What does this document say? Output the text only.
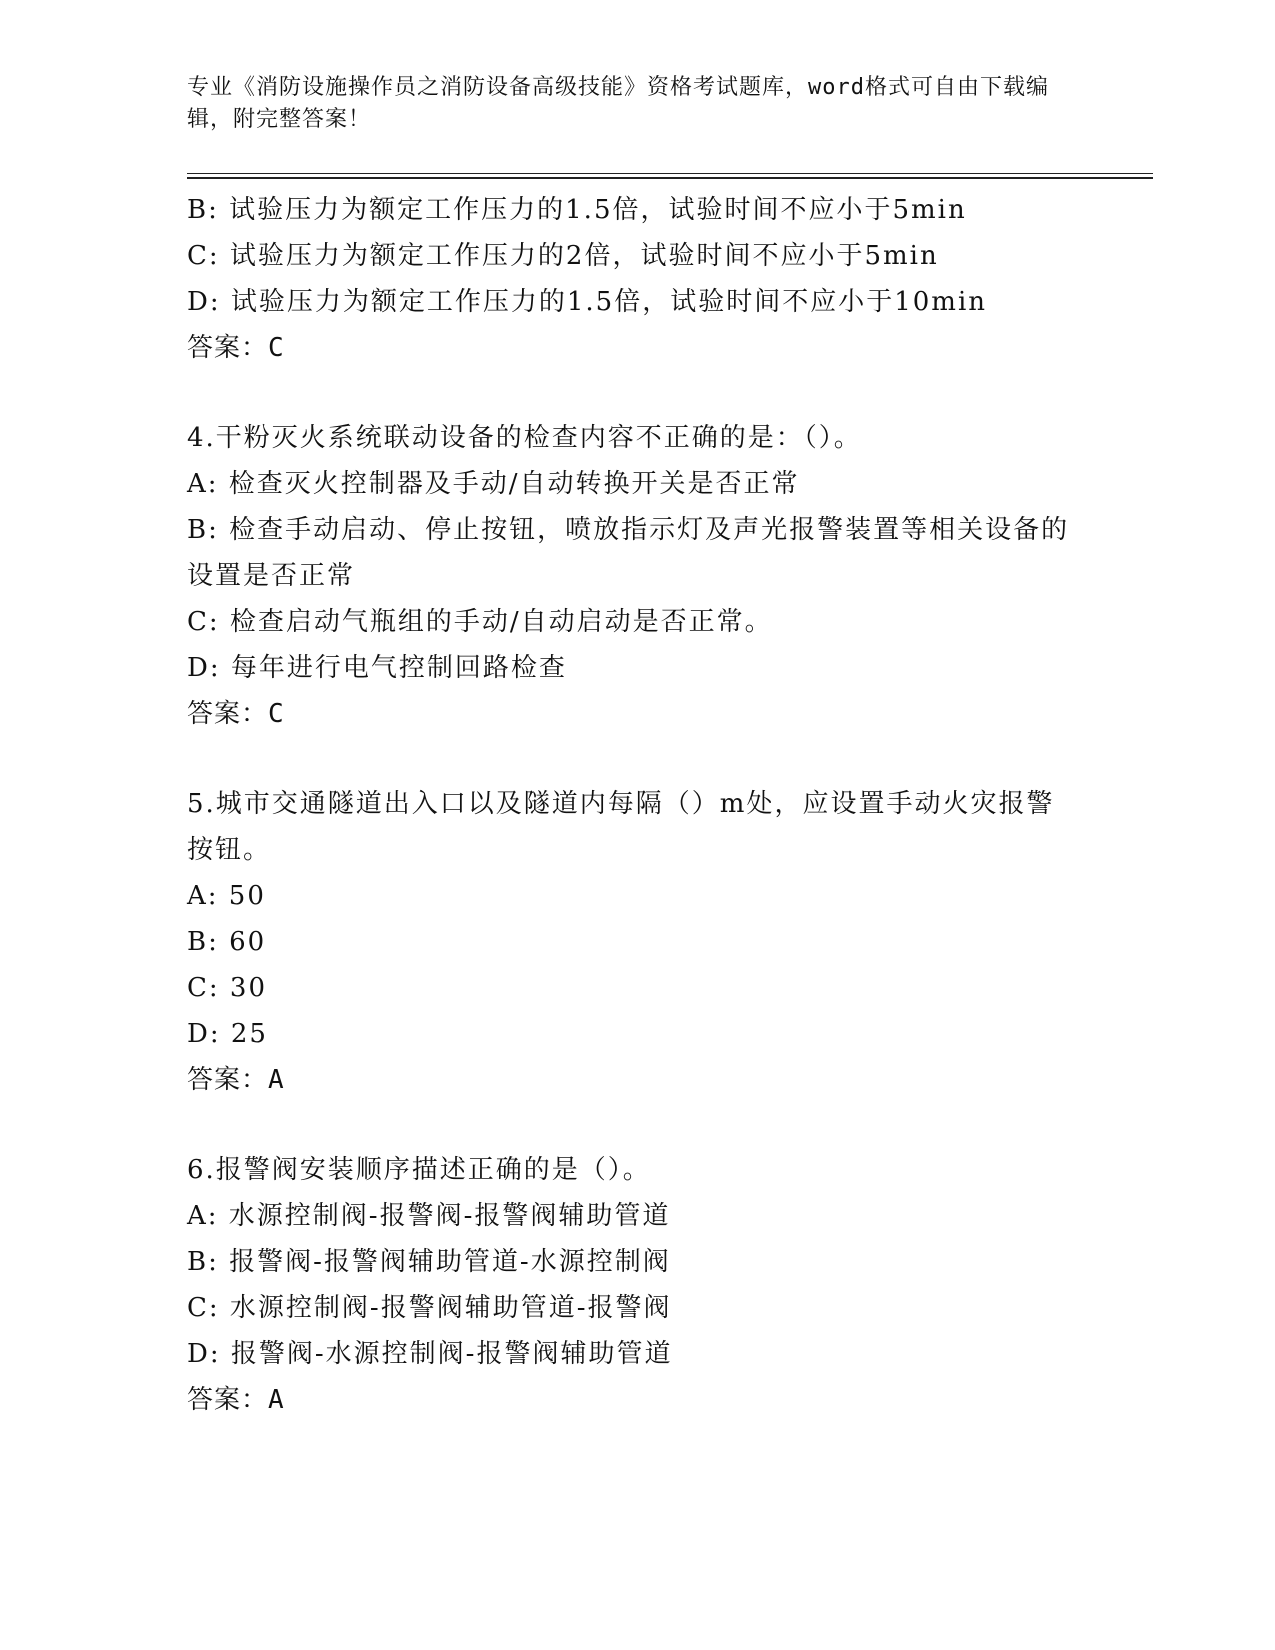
专业《消防设施操作员之消防设备高级技能》资格考试题库，word格式可自由下载编辑，附完整答案！
B: 试验压力为额定工作压力的1.5倍，试验时间不应小于5min
C: 试验压力为额定工作压力的2倍，试验时间不应小于5min
D: 试验压力为额定工作压力的1.5倍，试验时间不应小于10min
答案：C
4.干粉灭火系统联动设备的检查内容不正确的是：（）。
A: 检查灭火控制器及手动/自动转换开关是否正常
B: 检查手动启动、停止按钮，喷放指示灯及声光报警装置等相关设备的设置是否正常
C: 检查启动气瓶组的手动/自动启动是否正常。
D: 每年进行电气控制回路检查
答案：C
5.城市交通隧道出入口以及隧道内每隔（）m处，应设置手动火灾报警按钮。
A: 50
B: 60
C: 30
D: 25
答案：A
6.报警阀安装顺序描述正确的是（）。
A: 水源控制阀-报警阀-报警阀辅助管道
B: 报警阀-报警阀辅助管道-水源控制阀
C: 水源控制阀-报警阀辅助管道-报警阀
D: 报警阀-水源控制阀-报警阀辅助管道
答案：A
